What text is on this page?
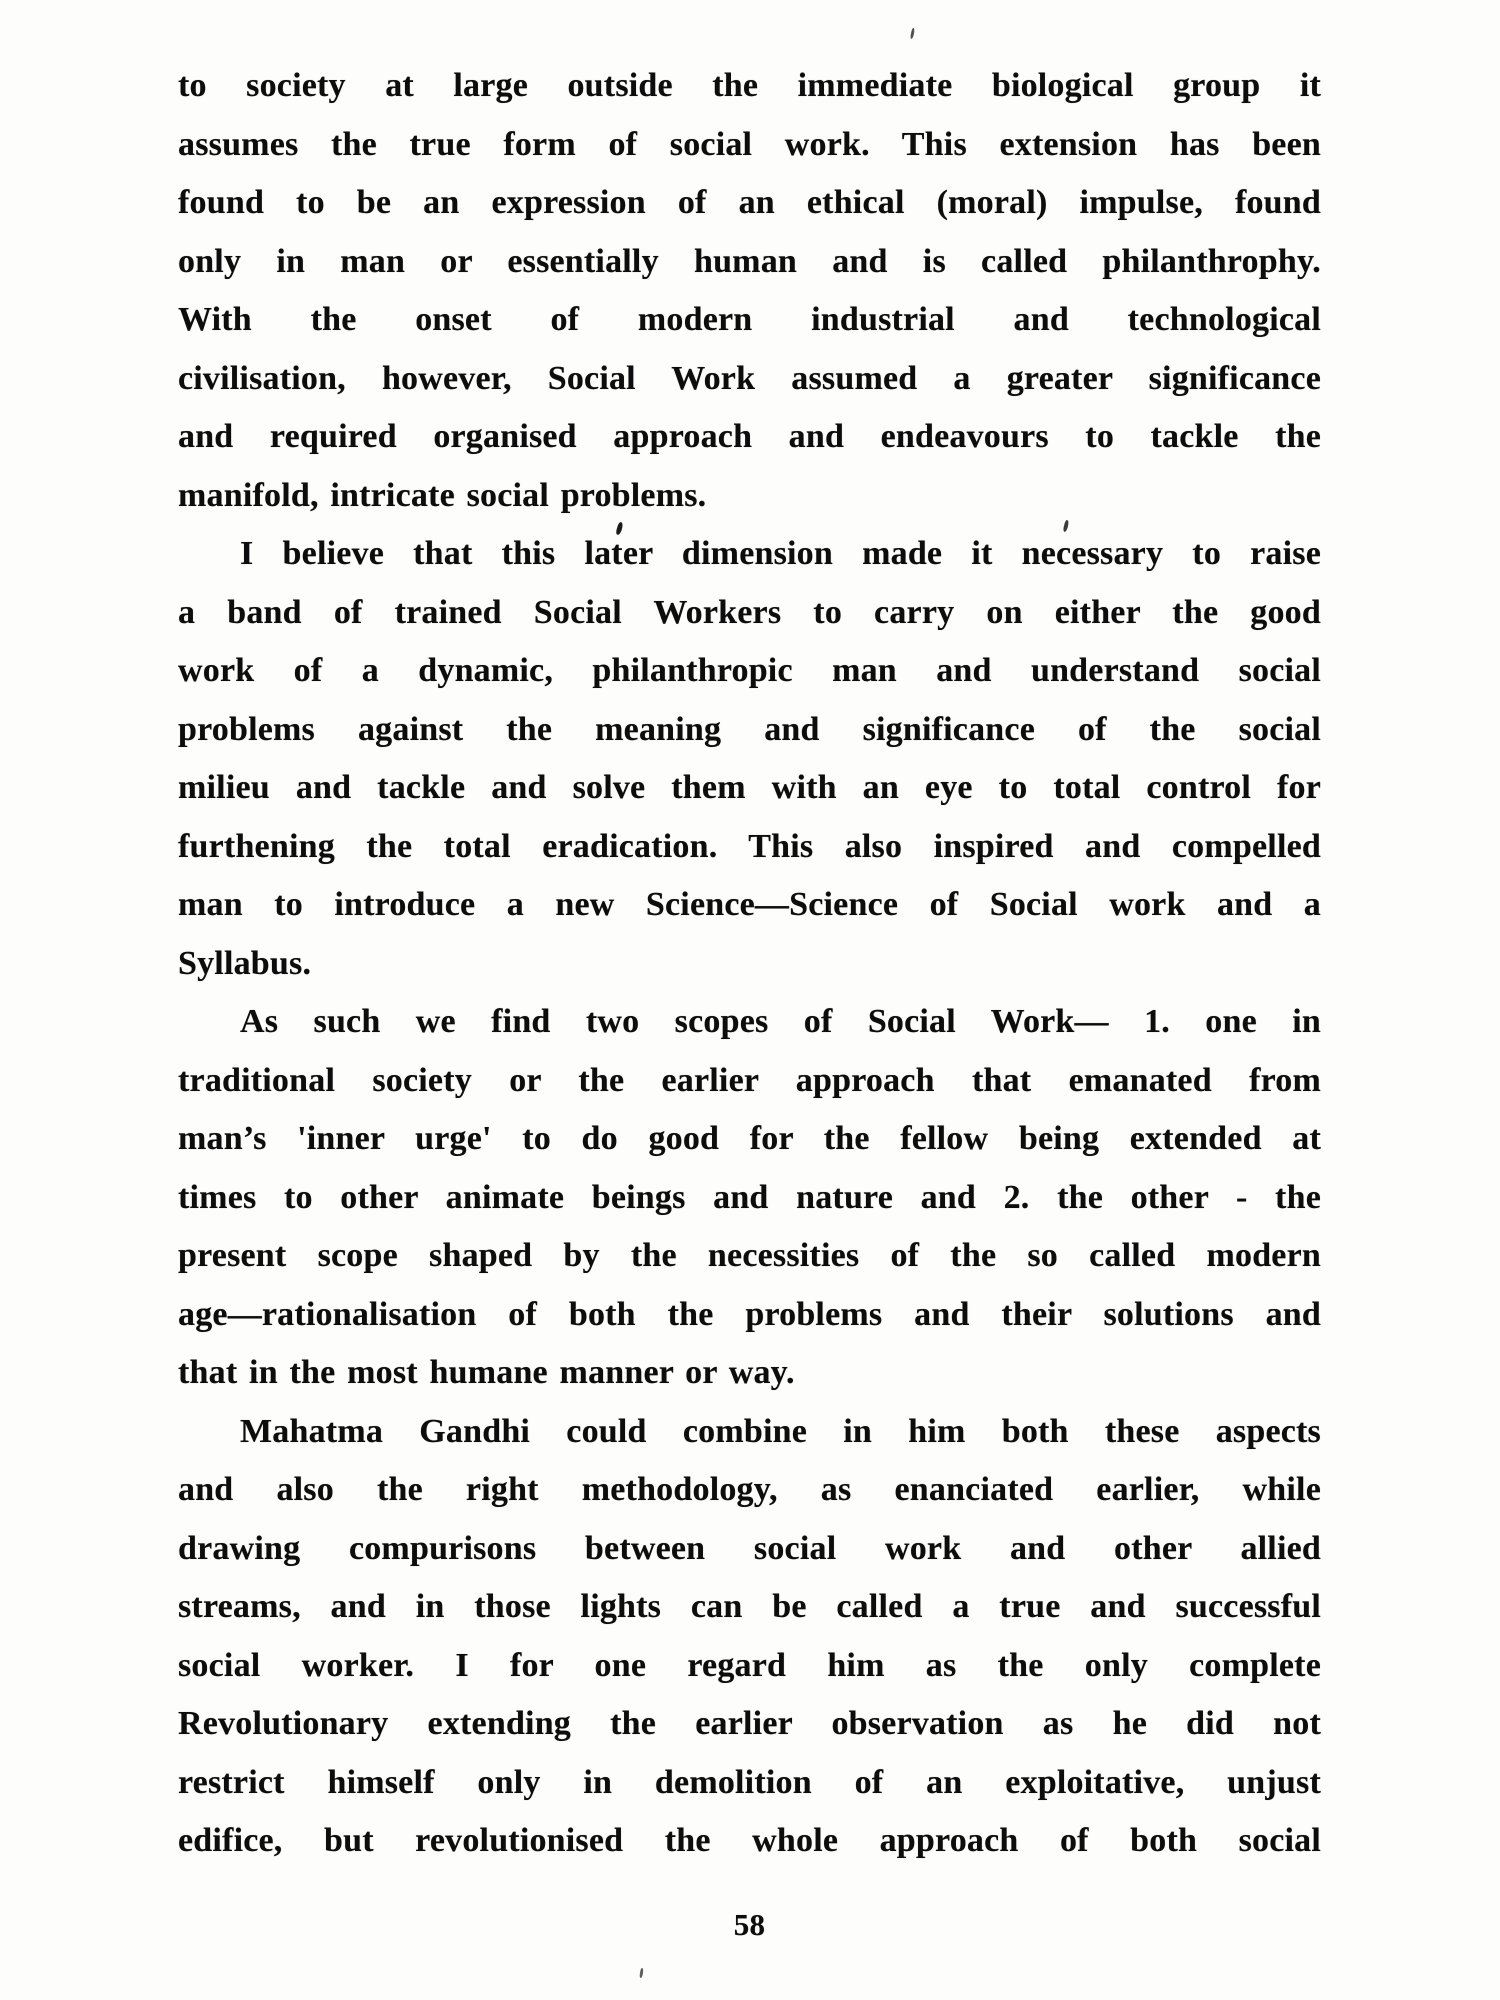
to society at large outside the immediate biological group it
assumes the true form of social work. This extension has been
found to be an expression of an ethical (moral) impulse, found
only in man or essentially human and is called philanthrophy.
With the onset of modern industrial and technological
civilisation, however, Social Work assumed a greater significance
and required organised approach and endeavours to tackle the
manifold, intricate social problems.
I believe that this later dimension made it necessary to raise
a band of trained Social Workers to carry on either the good
work of a dynamic, philanthropic man and understand social
problems against the meaning and significance of the social
milieu and tackle and solve them with an eye to total control for
furthening the total eradication. This also inspired and compelled
man to introduce a new Science—Science of Social work and a
Syllabus.
As such we find two scopes of Social Work— 1. one in
traditional society or the earlier approach that emanated from
man’s 'inner urge' to do good for the fellow being extended at
times to other animate beings and nature and 2. the other - the
present scope shaped by the necessities of the so called modern
age—rationalisation of both the problems and their solutions and
that in the most humane manner or way.
Mahatma Gandhi could combine in him both these aspects
and also the right methodology, as enanciated earlier, while
drawing compurisons between social work and other allied
streams, and in those lights can be called a true and successful
social worker. I for one regard him as the only complete
Revolutionary extending the earlier observation as he did not
restrict himself only in demolition of an exploitative, unjust
edifice, but revolutionised the whole approach of both social
58
